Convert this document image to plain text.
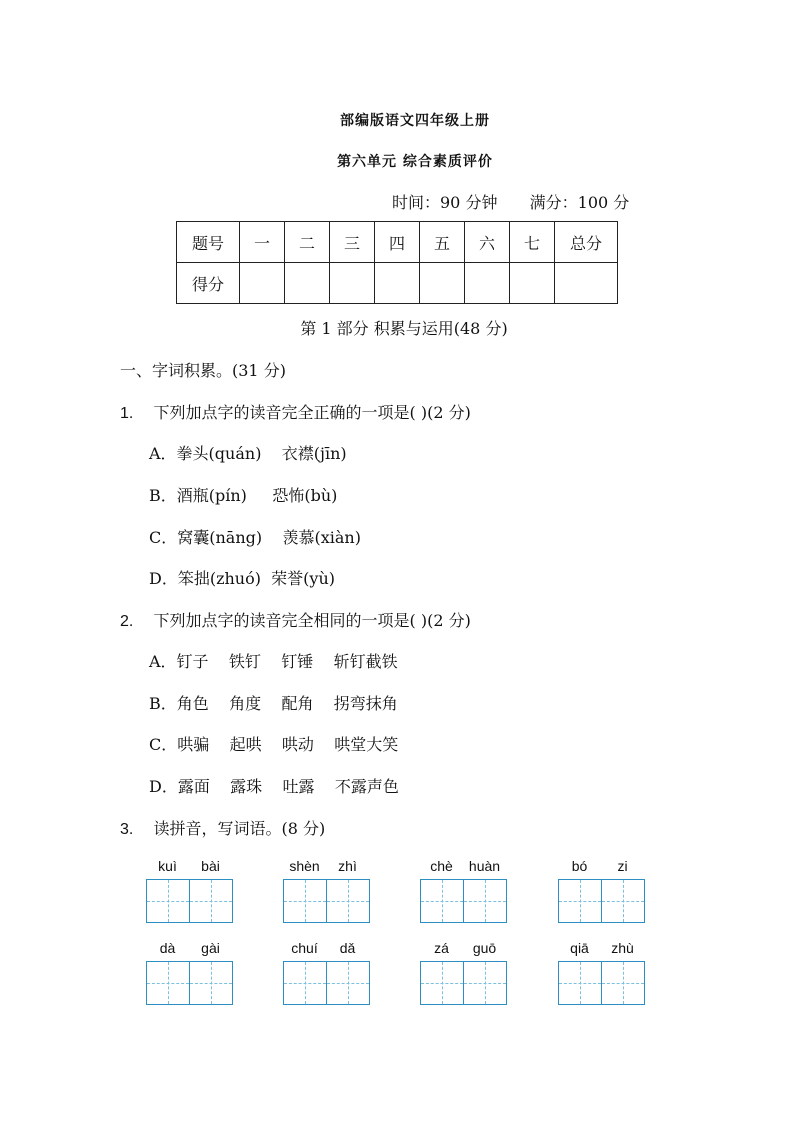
部编版语文四年级上册
第六单元 综合素质评价
时间：90 分钟 满分：100 分
题号	一	二	三	四	五	六	七	总分
得分								
第 1 部分 积累与运用(48 分)
一、字词积累。(31 分)
1. 下列加点字的读音完全正确的一项是( )(2 分)
A．拳头(quán)    衣襟(jīn)
B．酒瓶(pín)     恐怖(bù)
C．窝囊(nāng)    羡慕(xiàn)
D．笨拙(zhuó)  荣誉(yù)
2. 下列加点字的读音完全相同的一项是( )(2 分)
A．钉子    铁钉    钉锤    斩钉截铁
B．角色    角度    配角    拐弯抹角
C．哄骗    起哄    哄动    哄堂大笑
D．露面    露珠    吐露    不露声色
3. 读拼音，写词语。(8 分)
kuì	bài	shèn	zhì	chè	huàn	bó	zi
dà	gài	chuí	dǎ	zá	guō	qiā	zhù
